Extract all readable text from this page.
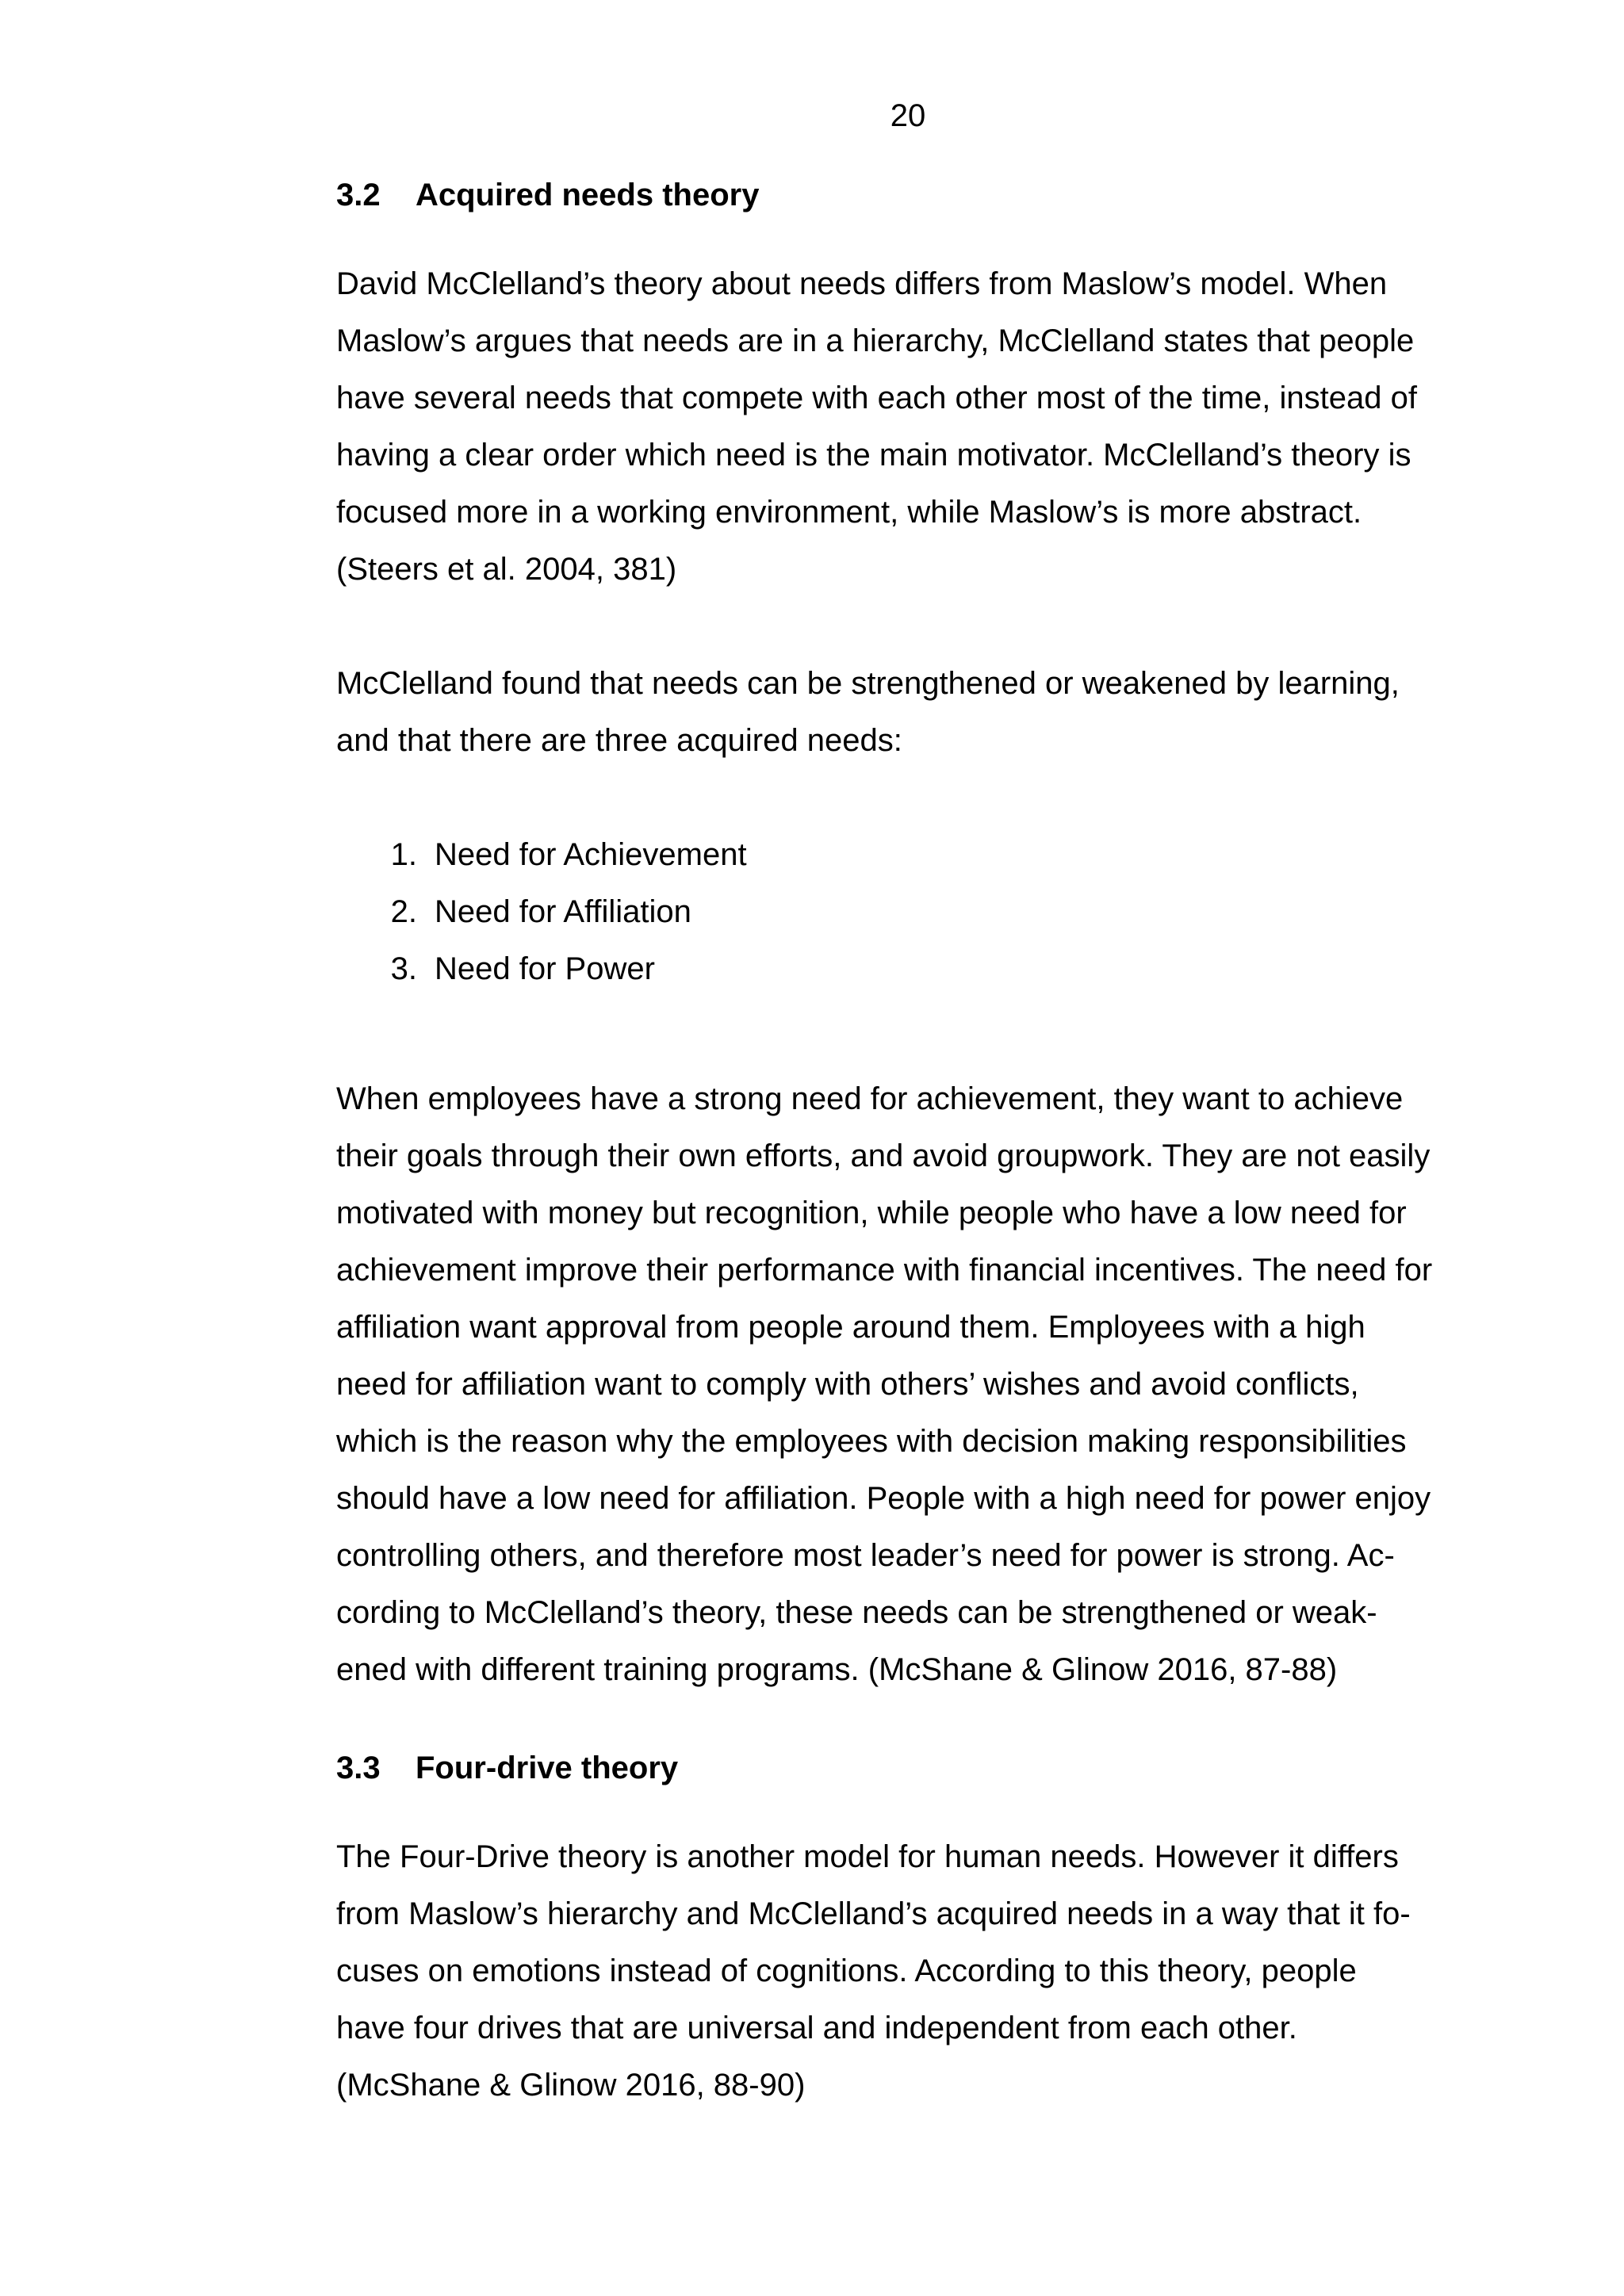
20
3.2 Acquired needs theory

David McClelland’s theory about needs differs from Maslow’s model. When
Maslow’s argues that needs are in a hierarchy, McClelland states that people
have several needs that compete with each other most of the time, instead of
having a clear order which need is the main motivator. McClelland’s theory is
focused more in a working environment, while Maslow’s is more abstract.
(Steers et al. 2004, 381)

McClelland found that needs can be strengthened or weakened by learning,
and that there are three acquired needs:

1. Need for Achievement
2. Need for Affiliation
3. Need for Power

When employees have a strong need for achievement, they want to achieve
their goals through their own efforts, and avoid groupwork. They are not easily
motivated with money but recognition, while people who have a low need for
achievement improve their performance with financial incentives. The need for
affiliation want approval from people around them. Employees with a high
need for affiliation want to comply with others’ wishes and avoid conflicts,
which is the reason why the employees with decision making responsibilities
should have a low need for affiliation. People with a high need for power enjoy
controlling others, and therefore most leader’s need for power is strong. Ac-
cording to McClelland’s theory, these needs can be strengthened or weak-
ened with different training programs. (McShane & Glinow 2016, 87-88)

3.3 Four-drive theory

The Four-Drive theory is another model for human needs. However it differs
from Maslow’s hierarchy and McClelland’s acquired needs in a way that it fo-
cuses on emotions instead of cognitions. According to this theory, people
have four drives that are universal and independent from each other.
(McShane & Glinow 2016, 88-90)
